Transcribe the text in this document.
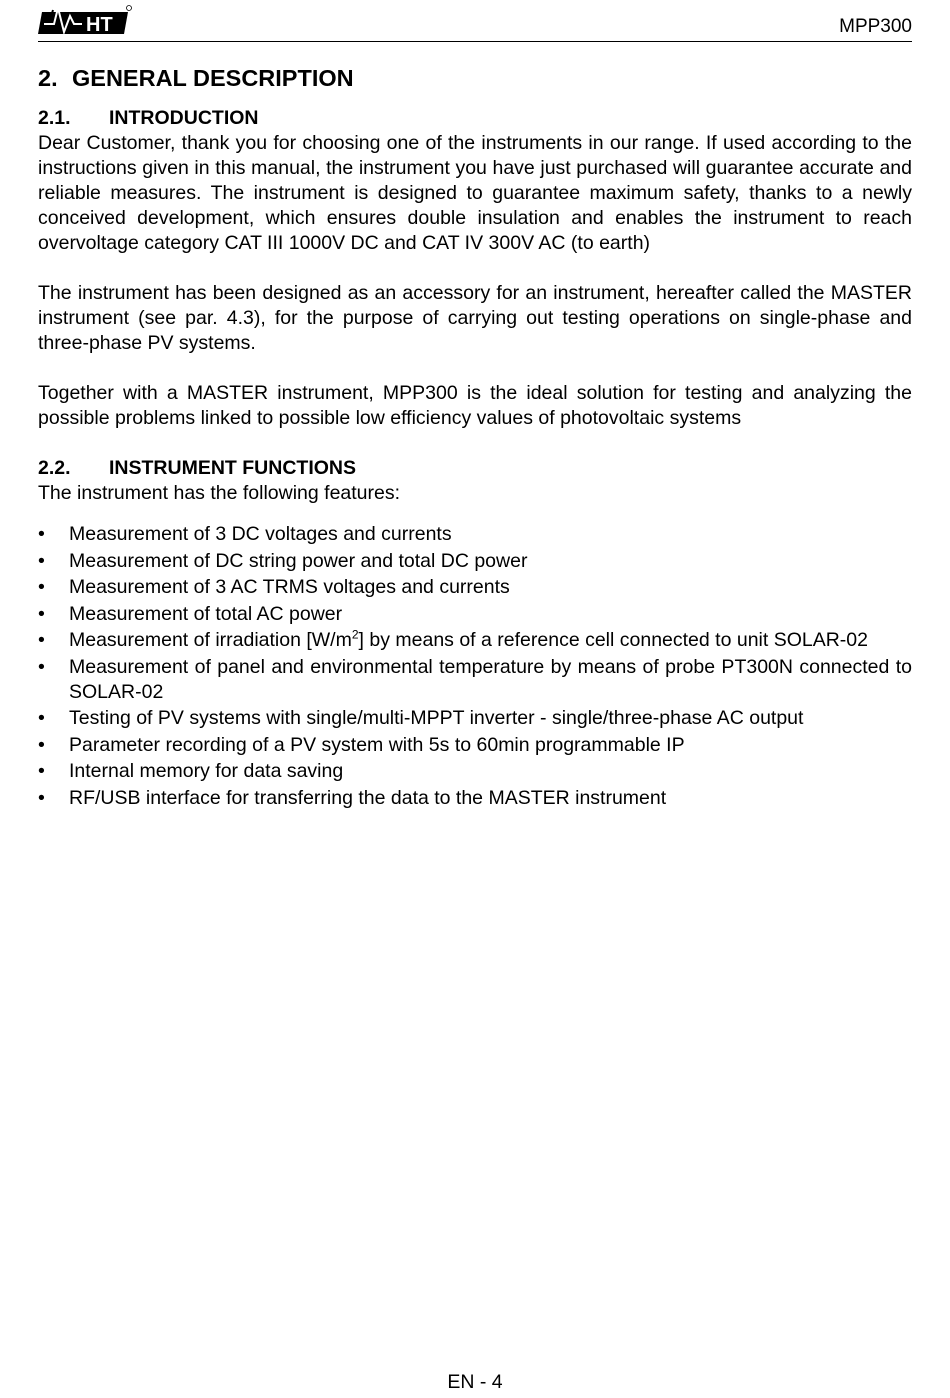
HT	MPP300
2. GENERAL DESCRIPTION
2.1. INTRODUCTION

Dear Customer, thank you for choosing one of the instruments in our range. If used according to the instructions given in this manual, the instrument you have just purchased will guarantee accurate and reliable measures. The instrument is designed to guarantee maximum safety, thanks to a newly conceived development, which ensures double insulation and enables the instrument to reach overvoltage category CAT III 1000V DC and CAT IV 300V AC (to earth)

The instrument has been designed as an accessory for an instrument, hereafter called the MASTER instrument (see par. 4.3), for the purpose of carrying out testing operations on single-phase and three-phase PV systems.

Together with a MASTER instrument, MPP300 is the ideal solution for testing and analyzing the possible problems linked to possible low efficiency values of photovoltaic systems

2.2. INSTRUMENT FUNCTIONS

The instrument has the following features:

• Measurement of 3 DC voltages and currents
• Measurement of DC string power and total DC power
• Measurement of 3 AC TRMS voltages and currents
• Measurement of total AC power
• Measurement of irradiation $[W/m^2]$ by means of a reference cell connected to unit SOLAR-02
• Measurement of panel and environmental temperature by means of probe PT300N connected to SOLAR-02
• Testing of PV systems with single/multi-MPPT inverter - single/three-phase AC output
• Parameter recording of a PV system with 5s to 60min programmable IP
• Internal memory for data saving
• RF/USB interface for transferring the data to the MASTER instrument
EN - 4
